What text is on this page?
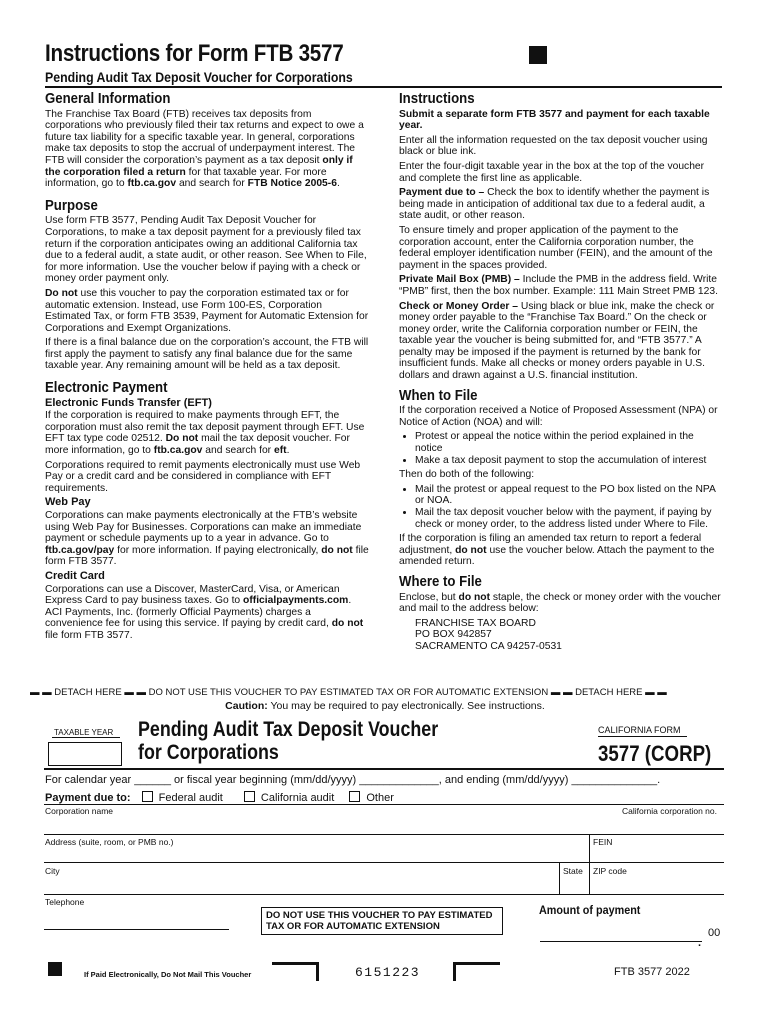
Instructions for Form FTB 3577
Pending Audit Tax Deposit Voucher for Corporations
General Information

The Franchise Tax Board (FTB) receives tax deposits from corporations who previously filed their tax returns and expect to owe a future tax liability for a specific taxable year. In general, corporations make tax deposits to stop the accrual of underpayment interest. The FTB will consider the corporation’s payment as a tax deposit only if the corporation filed a return for that taxable year. For more information, go to ftb.ca.gov and search for FTB Notice 2005-6.

Purpose

Use form FTB 3577, Pending Audit Tax Deposit Voucher for Corporations, to make a tax deposit payment for a previously filed tax return if the corporation anticipates owing an additional California tax due to a federal audit, a state audit, or other reason. See When to File, for more information. Use the voucher below if paying with a check or money order payment only.

Do not use this voucher to pay the corporation estimated tax or for automatic extension. Instead, use Form 100-ES, Corporation Estimated Tax, or form FTB 3539, Payment for Automatic Extension for Corporations and Exempt Organizations.

If there is a final balance due on the corporation’s account, the FTB will first apply the payment to satisfy any final balance due for the same taxable year. Any remaining amount will be held as a tax deposit.

Electronic Payment
Electronic Funds Transfer (EFT)

If the corporation is required to make payments through EFT, the corporation must also remit the tax deposit payment through EFT. Use EFT tax type code 02512. Do not mail the tax deposit voucher. For more information, go to ftb.ca.gov and search for eft.

Corporations required to remit payments electronically must use Web Pay or a credit card and be considered in compliance with EFT requirements.

Web Pay

Corporations can make payments electronically at the FTB’s website using Web Pay for Businesses. Corporations can make an immediate payment or schedule payments up to a year in advance. Go to ftb.ca.gov/pay for more information. If paying electronically, do not file form FTB 3577.

Credit Card

Corporations can use a Discover, MasterCard, Visa, or American Express Card to pay business taxes. Go to officialpayments.com. ACI Payments, Inc. (formerly Official Payments) charges a convenience fee for using this service. If paying by credit card, do not file form FTB 3577.

Instructions

Submit a separate form FTB 3577 and payment for each taxable year.

Enter all the information requested on the tax deposit voucher using black or blue ink.

Enter the four-digit taxable year in the box at the top of the voucher and complete the first line as applicable.

Payment due to – Check the box to identify whether the payment is being made in anticipation of additional tax due to a federal audit, a state audit, or other reason.

To ensure timely and proper application of the payment to the corporation account, enter the California corporation number, the federal employer identification number (FEIN), and the amount of the payment in the spaces provided.

Private Mail Box (PMB) – Include the PMB in the address field. Write “PMB” first, then the box number. Example: 111 Main Street PMB 123.

Check or Money Order – Using black or blue ink, make the check or money order payable to the “Franchise Tax Board.” On the check or money order, write the California corporation number or FEIN, the taxable year the voucher is being submitted for, and “FTB 3577.” A penalty may be imposed if the payment is returned by the bank for insufficient funds. Make all checks or money orders payable in U.S. dollars and drawn against a U.S. financial institution.

When to File

If the corporation received a Notice of Proposed Assessment (NPA) or Notice of Action (NOA) and will:

• Protest or appeal the notice within the period explained in the notice
• Make a tax deposit payment to stop the accumulation of interest

Then do both of the following:

• Mail the protest or appeal request to the PO box listed on the NPA or NOA.
• Mail the tax deposit voucher below with the payment, if paying by check or money order, to the address listed under Where to File.

If the corporation is filing an amended tax return to report a federal adjustment, do not use the voucher below. Attach the payment to the amended return.

Where to File

Enclose, but do not staple, the check or money order with the voucher and mail to the address below:

FRANCHISE TAX BOARD
PO BOX 942857
SACRAMENTO CA 94257-0531
▬ ▬ DETACH HERE ▬ ▬ DO NOT USE THIS VOUCHER TO PAY ESTIMATED TAX OR FOR AUTOMATIC EXTENSION ▬ ▬ DETACH HERE ▬ ▬
Caution: You may be required to pay electronically. See instructions.
TAXABLE YEAR Pending Audit Tax Deposit Voucher
for Corporations
CALIFORNIA FORM
3577 (CORP)
For calendar year ______ or fiscal year beginning (mm/dd/yyyy) _____________, and ending (mm/dd/yyyy) ______________.
Payment due to:	Federal audit	California audit	Other
Corporation name	California corporation no.
Address (suite, room, or PMB no.)	FEIN
City	State ZIP code
Telephone
DO NOT USE THIS VOUCHER TO PAY ESTIMATED
TAX OR FOR AUTOMATIC EXTENSION
Amount of payment
.
00
If Paid Electronically, Do Not Mail This Voucher	6151223	FTB 3577 2022
